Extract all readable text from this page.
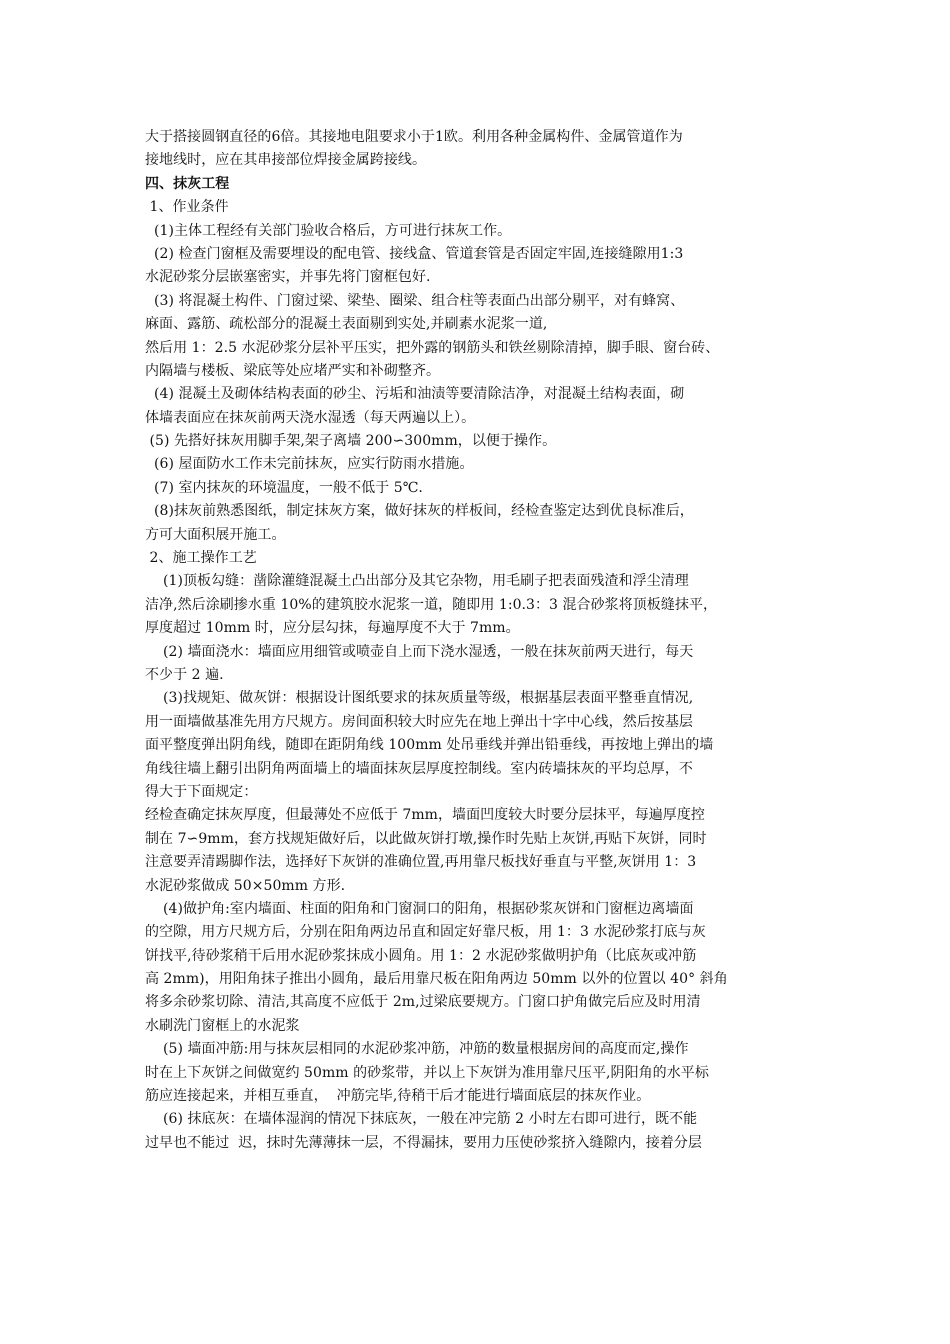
大于搭接圆钢直径的6倍。其接地电阻要求小于1欧。利用各种金属构件、金属管道作为
接地线时，应在其串接部位焊接金属跨接线。
四、抹灰工程
1、作业条件
(1)主体工程经有关部门验收合格后，方可进行抹灰工作。
(2) 检查门窗框及需要埋设的配电管、接线盒、管道套管是否固定牢固,连接缝隙用1:3
水泥砂浆分层嵌塞密实，并事先将门窗框包好.
(3) 将混凝土构件、门窗过梁、梁垫、圈梁、组合柱等表面凸出部分剔平，对有蜂窝、
麻面、露筋、疏松部分的混凝土表面剔到实处,并刷素水泥浆一道,
然后用 1：2.5 水泥砂浆分层补平压实，把外露的钢筋头和铁丝剔除清掉，脚手眼、窗台砖、
内隔墙与楼板、梁底等处应堵严实和补砌整齐。
(4) 混凝土及砌体结构表面的砂尘、污垢和油渍等要清除洁净，对混凝土结构表面，砌
体墙表面应在抹灰前两天浇水湿透（每天两遍以上）。
(5) 先搭好抹灰用脚手架,架子离墙 200∽300mm，以便于操作。
(6) 屋面防水工作未完前抹灰，应实行防雨水措施。
(7) 室内抹灰的环境温度，一般不低于 5℃.
(8)抹灰前熟悉图纸，制定抹灰方案，做好抹灰的样板间，经检查鉴定达到优良标准后，
方可大面积展开施工。
2、施工操作工艺
(1)顶板勾缝：凿除灌缝混凝土凸出部分及其它杂物，用毛刷子把表面残渣和浮尘清理
洁净,然后涂刷掺水重 10%的建筑胶水泥浆一道，随即用 1:0.3：3 混合砂浆将顶板缝抹平，
厚度超过 10mm 时，应分层勾抹，每遍厚度不大于 7mm。
(2) 墙面浇水：墙面应用细管或喷壶自上而下浇水湿透，一般在抹灰前两天进行，每天
不少于 2 遍.
(3)找规矩、做灰饼：根据设计图纸要求的抹灰质量等级，根据基层表面平整垂直情况,
用一面墙做基准先用方尺规方。房间面积较大时应先在地上弹出十字中心线，然后按基层
面平整度弹出阴角线，随即在距阴角线 100mm 处吊垂线并弹出铅垂线，再按地上弹出的墙
角线往墙上翻引出阴角两面墙上的墙面抹灰层厚度控制线。室内砖墙抹灰的平均总厚，不
得大于下面规定：
经检查确定抹灰厚度，但最薄处不应低于 7mm，墙面凹度较大时要分层抹平，每遍厚度控
制在 7∽9mm，套方找规矩做好后，以此做灰饼打墩,操作时先贴上灰饼,再贴下灰饼，同时
注意要弄清踢脚作法，选择好下灰饼的准确位置,再用靠尺板找好垂直与平整,灰饼用 1：3
水泥砂浆做成 50×50mm 方形.
(4)做护角:室内墙面、柱面的阳角和门窗洞口的阳角，根据砂浆灰饼和门窗框边离墙面
的空隙，用方尺规方后，分别在阳角两边吊直和固定好靠尺板，用 1：3 水泥砂浆打底与灰
饼找平,待砂浆稍干后用水泥砂浆抹成小圆角。用 1：2 水泥砂浆做明护角（比底灰或冲筋
高 2mm)，用阳角抹子推出小圆角，最后用靠尺板在阳角两边 50mm 以外的位置以 40° 斜角
将多余砂浆切除、清洁,其高度不应低于 2m,过梁底要规方。门窗口护角做完后应及时用清
水刷洗门窗框上的水泥浆
(5) 墙面冲筋:用与抹灰层相同的水泥砂浆冲筋，冲筋的数量根据房间的高度而定,操作
时在上下灰饼之间做宽约 50mm 的砂浆带，并以上下灰饼为准用靠尺压平,阴阳角的水平标
筋应连接起来，并相互垂直，  冲筋完毕,待稍干后才能进行墙面底层的抹灰作业。
(6) 抹底灰：在墙体湿润的情况下抹底灰，一般在冲完筋 2 小时左右即可进行，既不能
过早也不能过  迟，抹时先薄薄抹一层，不得漏抹，要用力压使砂浆挤入缝隙内，接着分层
